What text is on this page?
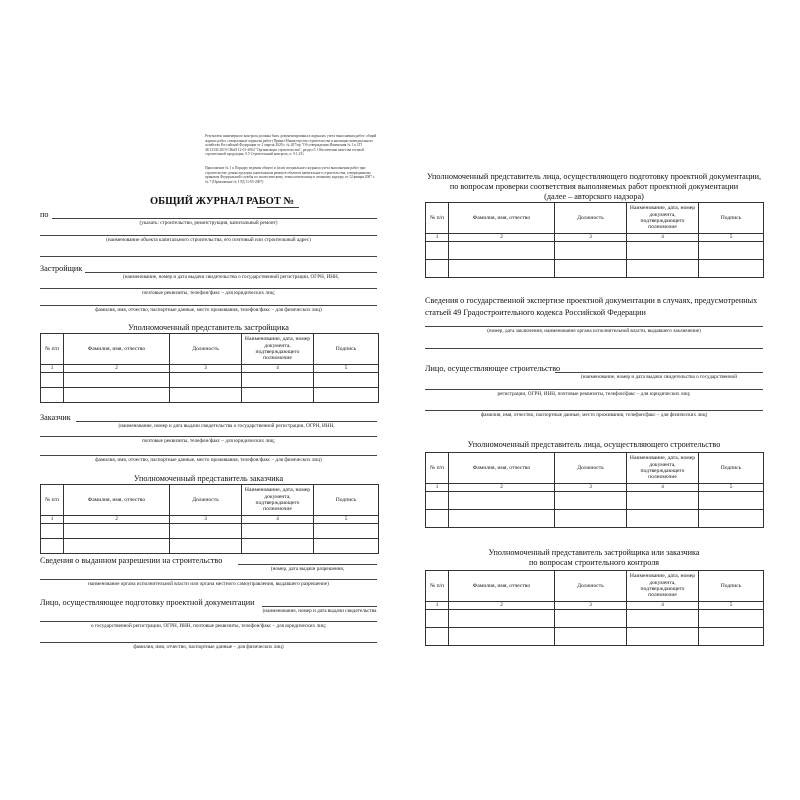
Результаты инженерного контроля должны быть документированы в журналах учета выполнения работ: общий журнал работ, специальные журналы работ (Приказ Министерства строительства и жилищно-коммунального хозяйства Российской Федерации от 2 апреля 2020 г. № 207/пр "Об утверждении Изменения № 1 к СП 48.13330.2019 СНиП 12-01-2004 "Организация строительства"; раздел 9. Обеспечение качества готовой строительной продукции, 9.5 Строительный контроль, п. 9.1.23)
Приложение № 1 к Порядку ведения общего и (или) специального журнала учета выполнения работ при строительстве, реконструкции, капитальном ремонте объектов капитального строительства, утвержденному приказом Федеральной службы по экологическому, технологическому и атомному надзору от 12 января 2007 г. № 7 (Приложение № 1 РД 11-05-2007)
ОБЩИЙ ЖУРНАЛ РАБОТ №
по
(указать: строительство, реконструкция, капитальный ремонт)
(наименование объекта капитального строительства, его почтовый или строительный адрес)
Застройщик
(наименование, номер и дата выдачи свидетельства о государственной регистрации, ОГРН, ИНН,
почтовые реквизиты, телефон/факс – для юридических лиц;
фамилия, имя, отчество, паспортные данные, место проживания, телефон/факс – для физических лиц)
Уполномоченный представитель застройщика
№ п/п	Фамилия, имя, отчество	Должность	Наименование, дата, номер документа, подтверждающего полномочие	Подпись
1	2	3	4	5

Заказчик
(наименование, номер и дата выдачи свидетельства о государственной регистрации, ОГРН, ИНН,
почтовые реквизиты, телефон/факс – для юридических лиц;
фамилия, имя, отчество, паспортные данные, место проживания, телефон/факс – для физических лиц)
Уполномоченный представитель заказчика
№ п/п	Фамилия, имя, отчество	Должность	Наименование, дата, номер документа, подтверждающего полномочие	Подпись
1	2	3	4	5

Сведения о выданном разрешении на строительство
(номер, дата выдачи разрешения,
наименование органа исполнительной власти или органа местного самоуправления, выдавшего разрешение)
Лицо, осуществляющее подготовку проектной документации
(наименование, номер и дата выдачи свидетельства
о государственной регистрации, ОГРН, ИНН, почтовые реквизиты, телефон/факс – для юридических лиц;
фамилия, имя, отчество, паспортные данные – для физических лиц)
Уполномоченный представитель лица, осуществляющего подготовку проектной документации,
по вопросам проверки соответствия выполняемых работ проектной документации
(далее – авторского надзора)
№ п/п	Фамилия, имя, отчество	Должность	Наименование, дата, номер документа, подтверждающего полномочие	Подпись
1	2	3	4	5

Сведения о государственной экспертизе проектной документации в случаях, предусмотренных статьей 49 Градостроительного кодекса Российской Федерации
(номер, дата заключения, наименование органа исполнительной власти, выдавшего заключение)
Лицо, осуществляющее строительство
(наименование, номер и дата выдачи свидетельства о государственной
регистрации, ОГРН, ИНН, почтовые реквизиты, телефон/факс – для юридических лиц;
фамилия, имя, отчество, паспортные данные, место проживания, телефон/факс – для физических лиц)
Уполномоченный представитель лица, осуществляющего строительство
№ п/п	Фамилия, имя, отчество	Должность	Наименование, дата, номер документа, подтверждающего полномочие	Подпись
1	2	3	4	5

Уполномоченный представитель застройщика или заказчика
по вопросам строительного контроля
№ п/п	Фамилия, имя, отчество	Должность	Наименование, дата, номер документа, подтверждающего полномочие	Подпись
1	2	3	4	5
